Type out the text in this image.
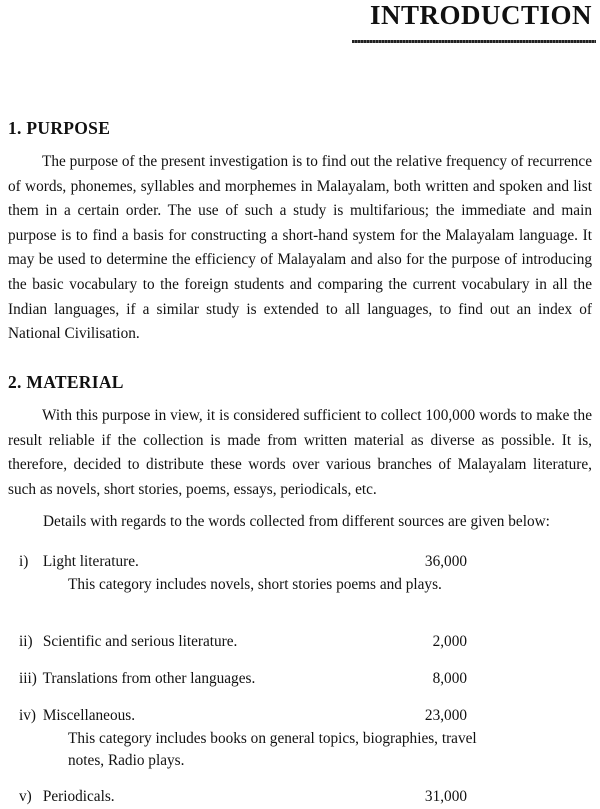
INTRODUCTION
1. PURPOSE

The purpose of the present investigation is to find out the relative frequency of recurrence of words, phonemes, syllables and morphemes in Malayalam, both written and spoken and list them in a certain order. The use of such a study is multifarious; the immediate and main purpose is to find a basis for constructing a short-hand system for the Malayalam language. It may be used to determine the efficiency of Malayalam and also for the purpose of introducing the basic vocabulary to the foreign students and comparing the current vocabulary in all the Indian languages, if a similar study is extended to all languages, to find out an index of National Civilisation.

2. MATERIAL

With this purpose in view, it is considered sufficient to collect 100,000 words to make the result reliable if the collection is made from written material as diverse as possible. It is, therefore, decided to distribute these words over various branches of Malayalam literature, such as novels, short stories, poems, essays, periodicals, etc.

Details with regards to the words collected from different sources are given below:

i) Light literature.	36,000

This category includes novels, short stories poems and plays.

ii) Scientific and serious literature.	2,000
iii) Translations from other languages.	8,000
iv) Miscellaneous.	23,000

This category includes books on general topics, biographies, travel notes, Radio plays.

v) Periodicals.	31,000
